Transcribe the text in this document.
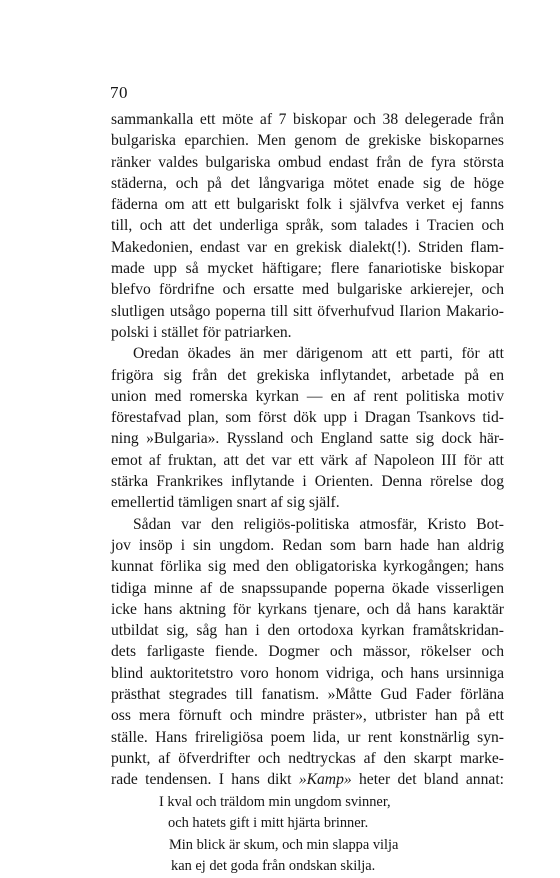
70
sammankalla ett möte af 7 biskopar och 38 delegerade från
bulgariska eparchien. Men genom de grekiske biskoparnes
ränker valdes bulgariska ombud endast från de fyra största
städerna, och på det långvariga mötet enade sig de höge
fäderna om att ett bulgariskt folk i självfva verket ej fanns
till, och att det underliga språk, som talades i Tracien och
Makedonien, endast var en grekisk dialekt(!). Striden flam-
made upp så mycket häftigare; flere fanariotiske biskopar
blefvo fördrifne och ersatte med bulgariske arkierejer, och
slutligen utsågo poperna till sitt öfverhufvud Ilarion Makario-
polski i stället för patriarken.
Oredan ökades än mer därigenom att ett parti, för att
frigöra sig från det grekiska inflytandet, arbetade på en
union med romerska kyrkan — en af rent politiska motiv
förestafvad plan, som först dök upp i Dragan Tsankovs tid-
ning »Bulgaria». Ryssland och England satte sig dock här-
emot af fruktan, att det var ett värk af Napoleon III för att
stärka Frankrikes inflytande i Orienten. Denna rörelse dog
emellertid tämligen snart af sig själf.
Sådan var den religiös-politiska atmosfär, Kristo Bot-
jov insöp i sin ungdom. Redan som barn hade han aldrig
kunnat förlika sig med den obligatoriska kyrkogången; hans
tidiga minne af de snapssupande poperna ökade visserligen
icke hans aktning för kyrkans tjenare, och då hans karaktär
utbildat sig, såg han i den ortodoxa kyrkan framåtskridan-
dets farligaste fiende. Dogmer och mässor, rökelser och
blind auktoritetstro voro honom vidriga, och hans ursinniga
prästhat stegrades till fanatism. »Måtte Gud Fader förläna
oss mera förnuft och mindre präster», utbrister han på ett
ställe. Hans frireligiösa poem lida, ur rent konstnärlig syn-
punkt, af öfverdrifter och nedtryckas af den skarpt marke-
rade tendensen. I hans dikt »Kamp» heter det bland annat:
I kval och träldom min ungdom svinner,
och hatets gift i mitt hjärta brinner.
Min blick är skum, och min slappa vilja
kan ej det goda från ondskan skilja.
